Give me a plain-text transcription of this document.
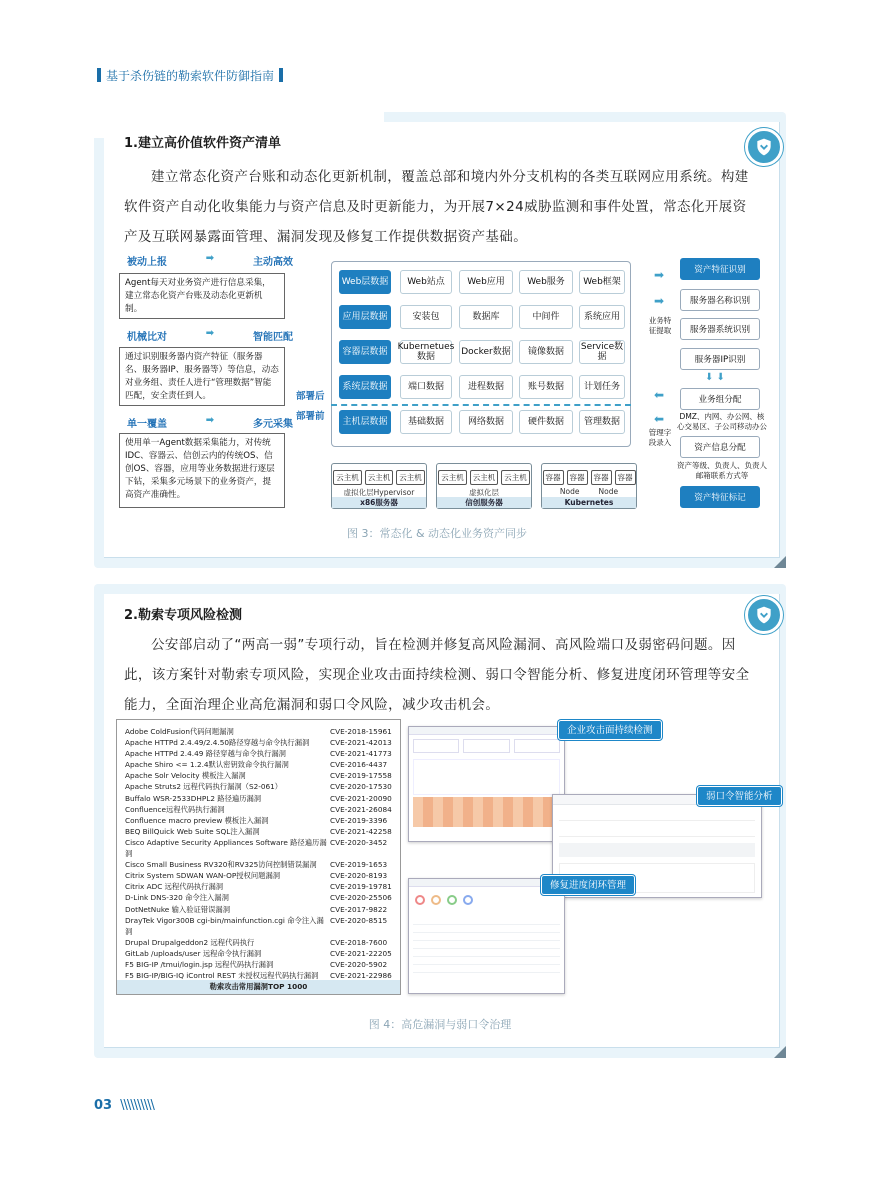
基于杀伤链的勒索软件防御指南
1.建立高价值软件资产清单
建立常态化资产台账和动态化更新机制，覆盖总部和境内外分支机构的各类互联网应用系统。构建软件资产自动化收集能力与资产信息及时更新能力，为开展7×24威胁监测和事件处置，常态化开展资产及互联网暴露面管理、漏洞发现及修复工作提供数据资产基础。
被动上报	➡	主动高效
Agent每天对业务资产进行信息采集，建立常态化资产台账及动态化更新机制。
机械比对	➡	智能匹配
通过识别服务器内资产特征（服务器名、服务器IP、服务器等）等信息，动态对业务组、责任人进行“管理数据”智能匹配，安全责任到人。
单一覆盖	➡	多元采集
使用单一Agent数据采集能力，对传统IDC、容器云、信创云内的传统OS、信创OS、容器，应用等业务数据进行逐层下钻，采集多元场景下的业务资产，提高资产准确性。
部署后
部署前
Web层数据	Web站点	Web应用	Web服务	Web框架
应用层数据	安装包	数据库	中间件	系统应用
容器层数据	Kubernetues数据	Docker数据	镜像数据	Service数据
系统层数据	端口数据	进程数据	账号数据	计划任务
主机层数据	基础数据	网络数据	硬件数据	管理数据
云主机	云主机	云主机
虚拟化层Hypervisor
x86服务器
云主机	云主机	云主机
虚拟化层
信创服务器
容器	容器	容器	容器
Node        Node
Kubernetes
➡
➡
业务特征提取
⬅
⬅
管理字段录入
资产特征识别
服务器名称识别
服务器系统识别
服务器IP识别
⬇ ⬇
业务组分配
DMZ、内网、办公网、核心交易区、子公司移动办公
资产信息分配
资产等级、负责人、负责人邮箱联系方式等
资产特征标记
图 3：常态化 & 动态化业务资产同步
2.勒索专项风险检测
公安部启动了“两高一弱”专项行动，旨在检测并修复高风险漏洞、高风险端口及弱密码问题。因此，该方案针对勒索专项风险，实现企业攻击面持续检测、弱口令智能分析、修复进度闭环管理等安全能力，全面治理企业高危漏洞和弱口令风险，减少攻击机会。
图 4：高危漏洞与弱口令治理
Adobe ColdFusion代码问题漏洞	CVE-2018-15961
Apache HTTPd 2.4.49/2.4.50路径穿越与命令执行漏洞	CVE-2021-42013
Apache HTTPd 2.4.49 路径穿越与命令执行漏洞	CVE-2021-41773
Apache Shiro <= 1.2.4默认密钥致命令执行漏洞	CVE-2016-4437
Apache Solr Velocity 模板注入漏洞	CVE-2019-17558
Apache Struts2 远程代码执行漏洞（S2-061）	CVE-2020-17530
Buffalo WSR-2533DHPL2 路径遍历漏洞	CVE-2021-20090
Confluence远程代码执行漏洞	CVE-2021-26084
Confluence macro preview 模板注入漏洞	CVE-2019-3396
BEQ BillQuick Web Suite SQL注入漏洞	CVE-2021-42258
Cisco Adaptive Security Appliances Software 路径遍历漏洞
CVE-2020-3452
Cisco Small Business RV320和RV325访问控制错误漏洞 CVE-2019-1653
Citrix System SDWAN WAN-OP授权问题漏洞	CVE-2020-8193
Citrix ADC 远程代码执行漏洞	CVE-2019-19781
D-Link DNS-320 命令注入漏洞	CVE-2020-25506
DotNetNuke 输入验证错误漏洞	CVE-2017-9822
DrayTek Vigor300B cgi-bin/mainfunction.cgi 命令注入漏洞
CVE-2020-8515
Drupal Drupalgeddon2 远程代码执行	CVE-2018-7600
GitLab /uploads/user 远程命令执行漏洞	CVE-2021-22205
F5 BIG-IP /tmui/login.jsp 远程代码执行漏洞	CVE-2020-5902
F5 BIG-IP/BIG-IQ iControl REST 未授权远程代码执行漏洞 CVE-2021-22986
勒索攻击常用漏洞TOP 1000
企业攻击面持续检测
弱口令智能分析
修复进度闭环管理
03 \\\\\\\\\\
